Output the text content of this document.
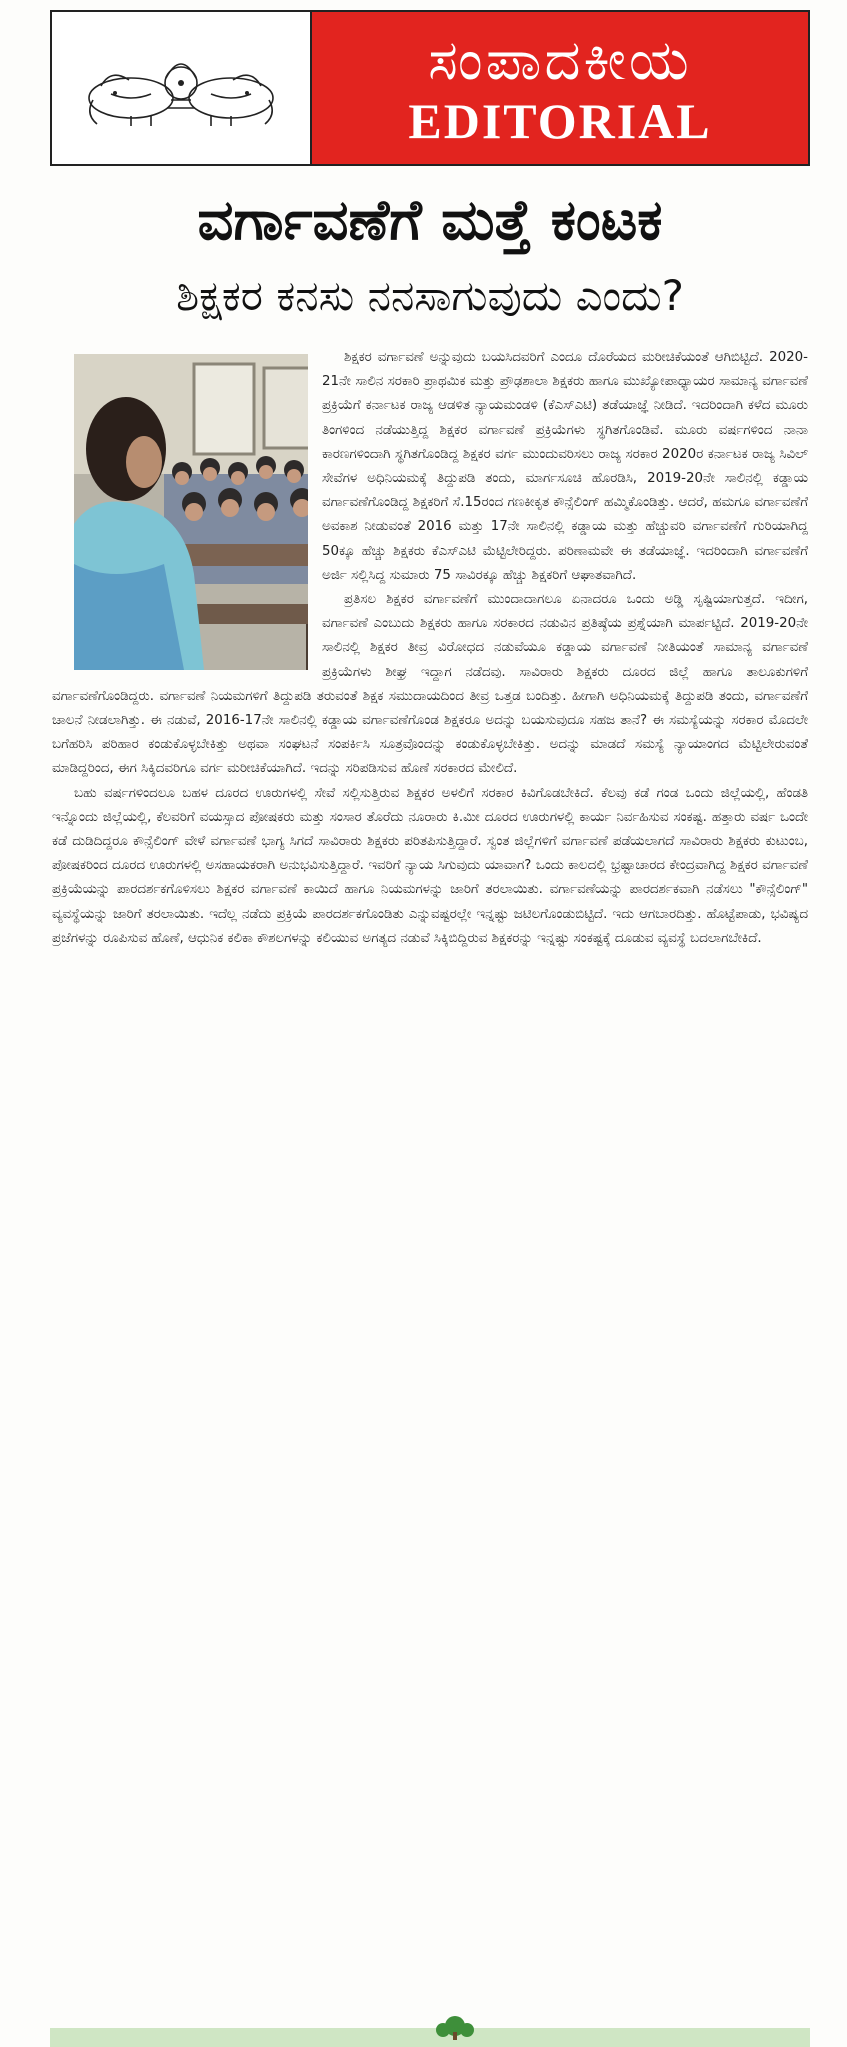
ಸಂಪಾದಕೀಯ
EDITORIAL
ವರ್ಗಾವಣೆಗೆ ಮತ್ತೆ ಕಂಟಕ
ಶಿಕ್ಷಕರ ಕನಸು ನನಸಾಗುವುದು ಎಂದು?

ಶಿಕ್ಷಕರ ವರ್ಗಾವಣೆ ಅನ್ನುವುದು ಬಯಸಿದವರಿಗೆ ಎಂದೂ ದೊರೆಯದ ಮರೀಚಿಕೆಯಂತೆ ಆಗಿಬಿಟ್ಟಿದೆ. 2020-21ನೇ ಸಾಲಿನ ಸರಕಾರಿ ಪ್ರಾಥಮಿಕ ಮತ್ತು ಪ್ರೌಢಶಾಲಾ ಶಿಕ್ಷಕರು ಹಾಗೂ ಮುಖ್ಯೋಪಾಧ್ಯಾಯರ ಸಾಮಾನ್ಯ ವರ್ಗಾವಣೆ ಪ್ರಕ್ರಿಯೆಗೆ ಕರ್ನಾಟಕ ರಾಜ್ಯ ಆಡಳಿತ ನ್ಯಾಯಮಂಡಳಿ (ಕೆಎಸ್‌ಎಟಿ) ತಡೆಯಾಜ್ಞೆ ನೀಡಿದೆ. ಇದರಿಂದಾಗಿ ಕಳೆದ ಮೂರು ತಿಂಗಳಿಂದ ನಡೆಯುತ್ತಿದ್ದ ಶಿಕ್ಷಕರ ವರ್ಗಾವಣೆ ಪ್ರಕ್ರಿಯೆಗಳು ಸ್ಥಗಿತಗೊಂಡಿವೆ. ಮೂರು ವರ್ಷಗಳಿಂದ ನಾನಾ ಕಾರಣಗಳಿಂದಾಗಿ ಸ್ಥಗಿತಗೊಂಡಿದ್ದ ಶಿಕ್ಷಕರ ವರ್ಗ ಮುಂದುವರಿಸಲು ರಾಜ್ಯ ಸರಕಾರ 2020ರ ಕರ್ನಾಟಕ ರಾಜ್ಯ ಸಿವಿಲ್ ಸೇವೆಗಳ ಅಧಿನಿಯಮಕ್ಕೆ ತಿದ್ದುಪಡಿ ತಂದು, ಮಾರ್ಗಸೂಚಿ ಹೊರಡಿಸಿ, 2019-20ನೇ ಸಾಲಿನಲ್ಲಿ ಕಡ್ಡಾಯ ವರ್ಗಾವಣೆಗೊಂಡಿದ್ದ ಶಿಕ್ಷಕರಿಗೆ ಸೆ.15ರಂದ ಗಣಕೀಕೃತ ಕೌನ್ಸೆಲಿಂಗ್ ಹಮ್ಮಿಕೊಂಡಿತ್ತು. ಆದರೆ, ಹಮಗೂ ವರ್ಗಾವಣೆಗೆ ಅವಕಾಶ ನೀಡುವಂತೆ 2016 ಮತ್ತು 17ನೇ ಸಾಲಿನಲ್ಲಿ ಕಡ್ಡಾಯ ಮತ್ತು ಹೆಚ್ಚುವರಿ ವರ್ಗಾವಣೆಗೆ ಗುರಿಯಾಗಿದ್ದ 50ಕ್ಕೂ ಹೆಚ್ಚು ಶಿಕ್ಷಕರು ಕೆಎಸ್‌ಎಟಿ ಮೆಟ್ಟಿಲೇರಿದ್ದರು. ಪರಿಣಾಮವೇ ಈ ತಡೆಯಾಜ್ಞೆ. ಇದರಿಂದಾಗಿ ವರ್ಗಾವಣೆಗೆ ಅರ್ಜಿ ಸಲ್ಲಿಸಿದ್ದ ಸುಮಾರು 75 ಸಾವಿರಕ್ಕೂ ಹೆಚ್ಚು ಶಿಕ್ಷಕರಿಗೆ ಆಘಾತವಾಗಿದೆ.

ಪ್ರತಿಸಲ ಶಿಕ್ಷಕರ ವರ್ಗಾವಣೆಗೆ ಮುಂದಾದಾಗಲೂ ಏನಾದರೂ ಒಂದು ಅಡ್ಡಿ ಸೃಷ್ಟಿಯಾಗುತ್ತದೆ. ಇದೀಗ, ವರ್ಗಾವಣೆ ಎಂಬುದು ಶಿಕ್ಷಕರು ಹಾಗೂ ಸರಕಾರದ ನಡುವಿನ ಪ್ರತಿಷ್ಠೆಯ ಪ್ರಶ್ನೆಯಾಗಿ ಮಾರ್ಪಟ್ಟಿದೆ. 2019-20ನೇ ಸಾಲಿನಲ್ಲಿ ಶಿಕ್ಷಕರ ತೀವ್ರ ವಿರೋಧದ ನಡುವೆಯೂ ಕಡ್ಡಾಯ ವರ್ಗಾವಣೆ ನೀತಿಯಂತೆ ಸಾಮಾನ್ಯ ವರ್ಗಾವಣೆ ಪ್ರಕ್ರಿಯೆಗಳು ಶೀಘ್ರ ಇದ್ದಾಗ ನಡೆದವು. ಸಾವಿರಾರು ಶಿಕ್ಷಕರು ದೂರದ ಜಿಲ್ಲೆ ಹಾಗೂ ತಾಲೂಕುಗಳಿಗೆ ವರ್ಗಾವಣೆಗೊಂಡಿದ್ದರು. ವರ್ಗಾವಣೆ ನಿಯಮಗಳಿಗೆ ತಿದ್ದುಪಡಿ ತರುವಂತೆ ಶಿಕ್ಷಕ ಸಮುದಾಯದಿಂದ ತೀವ್ರ ಒತ್ತಡ ಬಂದಿತ್ತು. ಹೀಗಾಗಿ ಅಧಿನಿಯಮಕ್ಕೆ ತಿದ್ದುಪಡಿ ತಂದು, ವರ್ಗಾವಣೆಗೆ ಚಾಲನೆ ನೀಡಲಾಗಿತ್ತು. ಈ ನಡುವೆ, 2016-17ನೇ ಸಾಲಿನಲ್ಲಿ ಕಡ್ಡಾಯ ವರ್ಗಾವಣೆಗೊಂಡ ಶಿಕ್ಷಕರೂ ಅದನ್ನು ಬಯಸುವುದೂ ಸಹಜ ತಾನೆ? ಈ ಸಮಸ್ಯೆಯನ್ನು ಸರಕಾರ ಮೊದಲೇ ಬಗೆಹರಿಸಿ ಪರಿಹಾರ ಕಂಡುಕೊಳ್ಳಬೇಕಿತ್ತು ಅಥವಾ ಸಂಘಟನೆ ಸಂಪರ್ಕಿಸಿ ಸೂತ್ರವೊಂದನ್ನು ಕಂಡುಕೊಳ್ಳಬೇಕಿತ್ತು. ಅದನ್ನು ಮಾಡದೆ ಸಮಸ್ಯೆ ನ್ಯಾಯಾಂಗದ ಮೆಟ್ಟಿಲೇರುವಂತೆ ಮಾಡಿದ್ದರಿಂದ, ಈಗ ಸಿಕ್ಕಿದವರಿಗೂ ವರ್ಗ ಮರೀಚಿಕೆಯಾಗಿದೆ. ಇದನ್ನು ಸರಿಪಡಿಸುವ ಹೊಣೆ ಸರಕಾರದ ಮೇಲಿದೆ.

ಬಹು ವರ್ಷಗಳಿಂದಲೂ ಬಹಳ ದೂರದ ಊರುಗಳಲ್ಲಿ ಸೇವೆ ಸಲ್ಲಿಸುತ್ತಿರುವ ಶಿಕ್ಷಕರ ಅಳಲಿಗೆ ಸರಕಾರ ಕಿವಿಗೊಡಬೇಕಿದೆ. ಕೆಲವು ಕಡೆ ಗಂಡ ಒಂದು ಜಿಲ್ಲೆಯಲ್ಲಿ, ಹೆಂಡತಿ ಇನ್ನೊಂದು ಜಿಲ್ಲೆಯಲ್ಲಿ, ಕೆಲವರಿಗೆ ವಯಸ್ಸಾದ ಪೋಷಕರು ಮತ್ತು ಸಂಸಾರ ತೊರೆದು ನೂರಾರು ಕಿ.ಮೀ ದೂರದ ಊರುಗಳಲ್ಲಿ ಕಾರ್ಯ ನಿರ್ವಹಿಸುವ ಸಂಕಷ್ಟ. ಹತ್ತಾರು ವರ್ಷ ಒಂದೇ ಕಡೆ ದುಡಿದಿದ್ದರೂ ಕೌನ್ಸೆಲಿಂಗ್ ವೇಳೆ ವರ್ಗಾವಣೆ ಭಾಗ್ಯ ಸಿಗದೆ ಸಾವಿರಾರು ಶಿಕ್ಷಕರು ಪರಿತಪಿಸುತ್ತಿದ್ದಾರೆ. ಸ್ವಂತ ಜಿಲ್ಲೆಗಳಿಗೆ ವರ್ಗಾವಣೆ ಪಡೆಯಲಾಗದೆ ಸಾವಿರಾರು ಶಿಕ್ಷಕರು ಕುಟುಂಬ, ಪೋಷಕರಿಂದ ದೂರದ ಊರುಗಳಲ್ಲಿ ಅಸಹಾಯಕರಾಗಿ ಅನುಭವಿಸುತ್ತಿದ್ದಾರೆ. ಇವರಿಗೆ ನ್ಯಾಯ ಸಿಗುವುದು ಯಾವಾಗ? ಒಂದು ಕಾಲದಲ್ಲಿ ಭ್ರಷ್ಟಾಚಾರದ ಕೇಂದ್ರವಾಗಿದ್ದ ಶಿಕ್ಷಕರ ವರ್ಗಾವಣೆ ಪ್ರಕ್ರಿಯೆಯನ್ನು ಪಾರದರ್ಶಕಗೊಳಿಸಲು ಶಿಕ್ಷಕರ ವರ್ಗಾವಣೆ ಕಾಯಿದೆ ಹಾಗೂ ನಿಯಮಗಳನ್ನು ಜಾರಿಗೆ ತರಲಾಯಿತು. ವರ್ಗಾವಣೆಯನ್ನು ಪಾರದರ್ಶಕವಾಗಿ ನಡೆಸಲು "ಕೌನ್ಸೆಲಿಂಗ್" ವ್ಯವಸ್ಥೆಯನ್ನು ಜಾರಿಗೆ ತರಲಾಯಿತು. ಇದೆಲ್ಲ ನಡೆದು ಪ್ರಕ್ರಿಯೆ ಪಾರದರ್ಶಕಗೊಂಡಿತು ಎನ್ನುವಷ್ಟರಲ್ಲೇ ಇನ್ನಷ್ಟು ಜಟಿಲಗೊಂಡುಬಿಟ್ಟಿದೆ. ಇದು ಆಗಬಾರದಿತ್ತು. ಹೊಟ್ಟೆಪಾಡು, ಭವಿಷ್ಯದ ಪ್ರಜೆಗಳನ್ನು ರೂಪಿಸುವ ಹೊಣೆ, ಆಧುನಿಕ ಕಲಿಕಾ ಕೌಶಲಗಳನ್ನು ಕಲಿಯುವ ಅಗತ್ಯದ ನಡುವೆ ಸಿಕ್ಕಿಬಿದ್ದಿರುವ ಶಿಕ್ಷಕರನ್ನು ಇನ್ನಷ್ಟು ಸಂಕಷ್ಟಕ್ಕೆ ದೂಡುವ ವ್ಯವಸ್ಥೆ ಬದಲಾಗಬೇಕಿದೆ.
